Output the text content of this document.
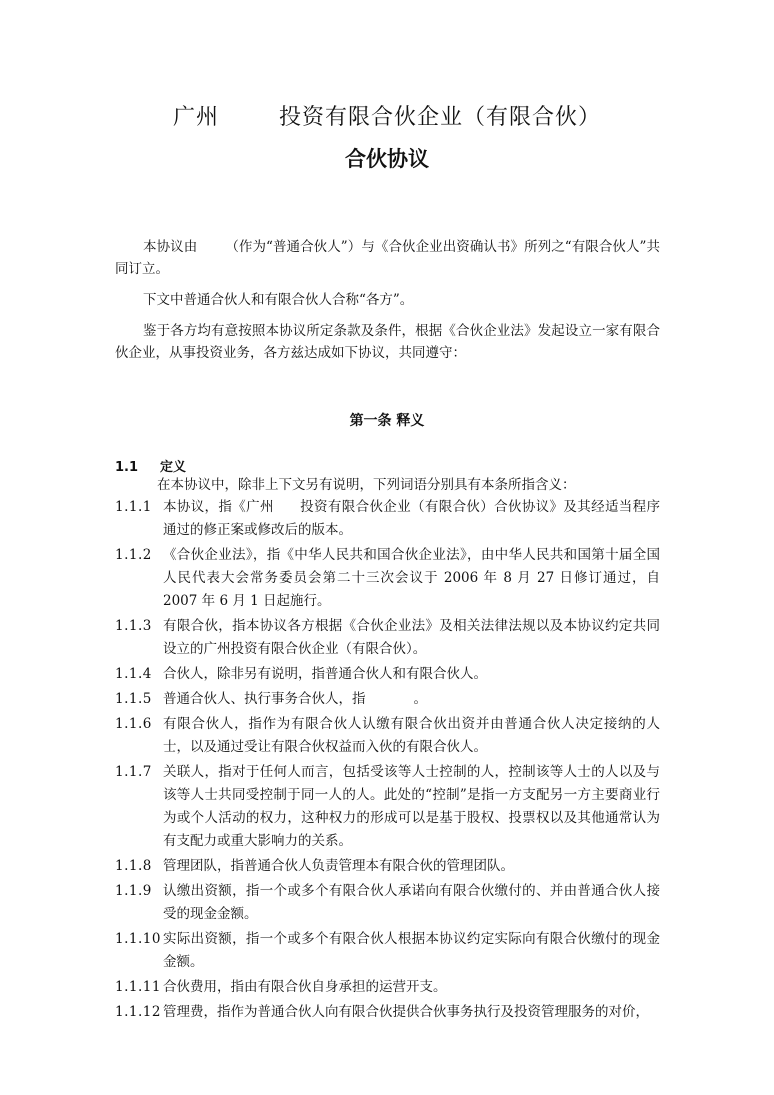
广州	投资有限合伙企业（有限合伙）
合伙协议
本协议由 （作为“普通合伙人”）与《合伙企业出资确认书》所列之“有限合伙人”共同订立。
下文中普通合伙人和有限合伙人合称“各方”。
鉴于各方均有意按照本协议所定条款及条件，根据《合伙企业法》发起设立一家有限合伙企业，从事投资业务，各方兹达成如下协议，共同遵守：
第一条 释义
1.1 定义
在本协议中，除非上下文另有说明，下列词语分别具有本条所指含义：
1.1.1 本协议，指《广州 投资有限合伙企业（有限合伙）合伙协议》及其经适当程序通过的修正案或修改后的版本。
1.1.2 《合伙企业法》，指《中华人民共和国合伙企业法》，由中华人民共和国第十届全国人民代表大会常务委员会第二十三次会议于 2006 年 8 月 27 日修订通过，自 2007 年 6 月 1 日起施行。
1.1.3 有限合伙，指本协议各方根据《合伙企业法》及相关法律法规以及本协议约定共同设立的广州投资有限合伙企业（有限合伙）。
1.1.4 合伙人，除非另有说明，指普通合伙人和有限合伙人。
1.1.5 普通合伙人、执行事务合伙人，指	。
1.1.6 有限合伙人，指作为有限合伙人认缴有限合伙出资并由普通合伙人决定接纳的人士，以及通过受让有限合伙权益而入伙的有限合伙人。
1.1.7 关联人，指对于任何人而言，包括受该等人士控制的人，控制该等人士的人以及与该等人士共同受控制于同一人的人。此处的“控制”是指一方支配另一方主要商业行为或个人活动的权力，这种权力的形成可以是基于股权、投票权以及其他通常认为有支配力或重大影响力的关系。
1.1.8 管理团队，指普通合伙人负责管理本有限合伙的管理团队。
1.1.9 认缴出资额，指一个或多个有限合伙人承诺向有限合伙缴付的、并由普通合伙人接受的现金金额。
1.1.10 实际出资额，指一个或多个有限合伙人根据本协议约定实际向有限合伙缴付的现金金额。
1.1.11 合伙费用，指由有限合伙自身承担的运营开支。
1.1.12 管理费，指作为普通合伙人向有限合伙提供合伙事务执行及投资管理服务的对价，
